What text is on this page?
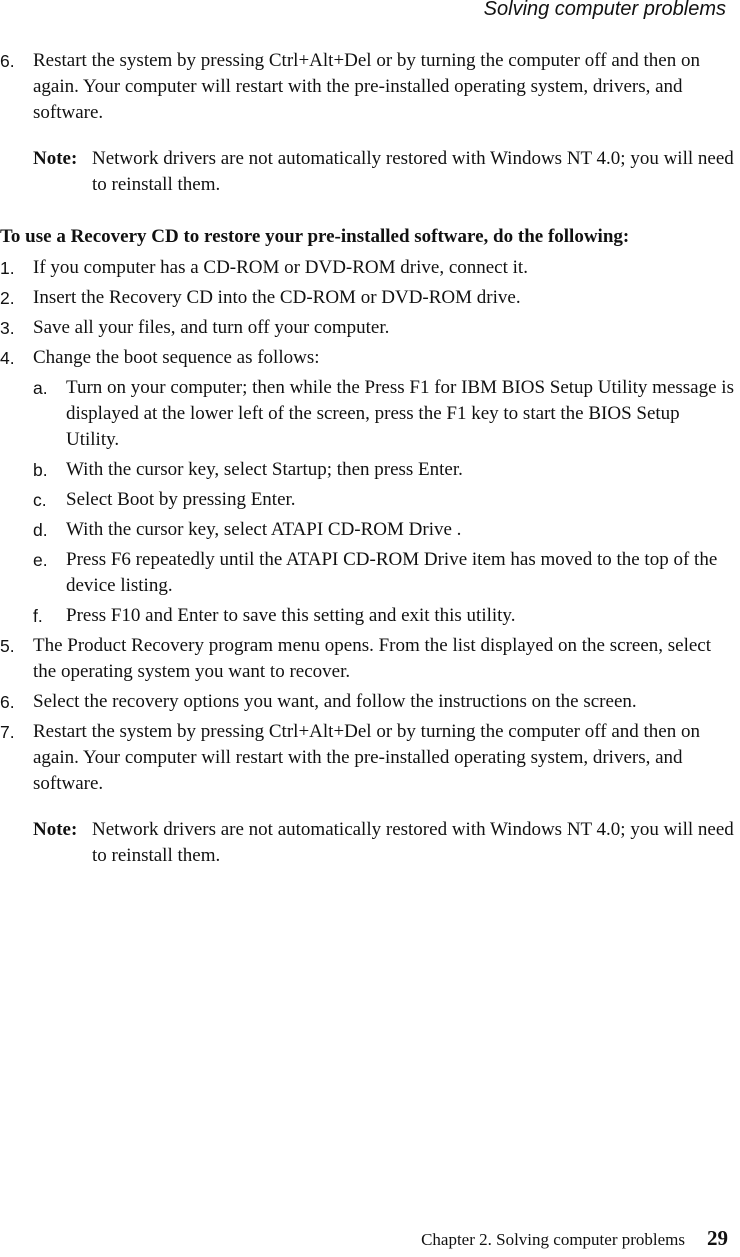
Solving computer problems
6. Restart the system by pressing Ctrl+Alt+Del or by turning the computer off and then on again. Your computer will restart with the pre-installed operating system, drivers, and software.
Note: Network drivers are not automatically restored with Windows NT 4.0; you will need to reinstall them.
To use a Recovery CD to restore your pre-installed software, do the following:
1. If you computer has a CD-ROM or DVD-ROM drive, connect it.
2. Insert the Recovery CD into the CD-ROM or DVD-ROM drive.
3. Save all your files, and turn off your computer.
4. Change the boot sequence as follows:
a. Turn on your computer; then while the Press F1 for IBM BIOS Setup Utility message is displayed at the lower left of the screen, press the F1 key to start the BIOS Setup Utility.
b. With the cursor key, select Startup; then press Enter.
c. Select Boot by pressing Enter.
d. With the cursor key, select ATAPI CD-ROM Drive .
e. Press F6 repeatedly until the ATAPI CD-ROM Drive item has moved to the top of the device listing.
f. Press F10 and Enter to save this setting and exit this utility.
5. The Product Recovery program menu opens. From the list displayed on the screen, select the operating system you want to recover.
6. Select the recovery options you want, and follow the instructions on the screen.
7. Restart the system by pressing Ctrl+Alt+Del or by turning the computer off and then on again. Your computer will restart with the pre-installed operating system, drivers, and software.
Note: Network drivers are not automatically restored with Windows NT 4.0; you will need to reinstall them.
Chapter 2. Solving computer problems 29
